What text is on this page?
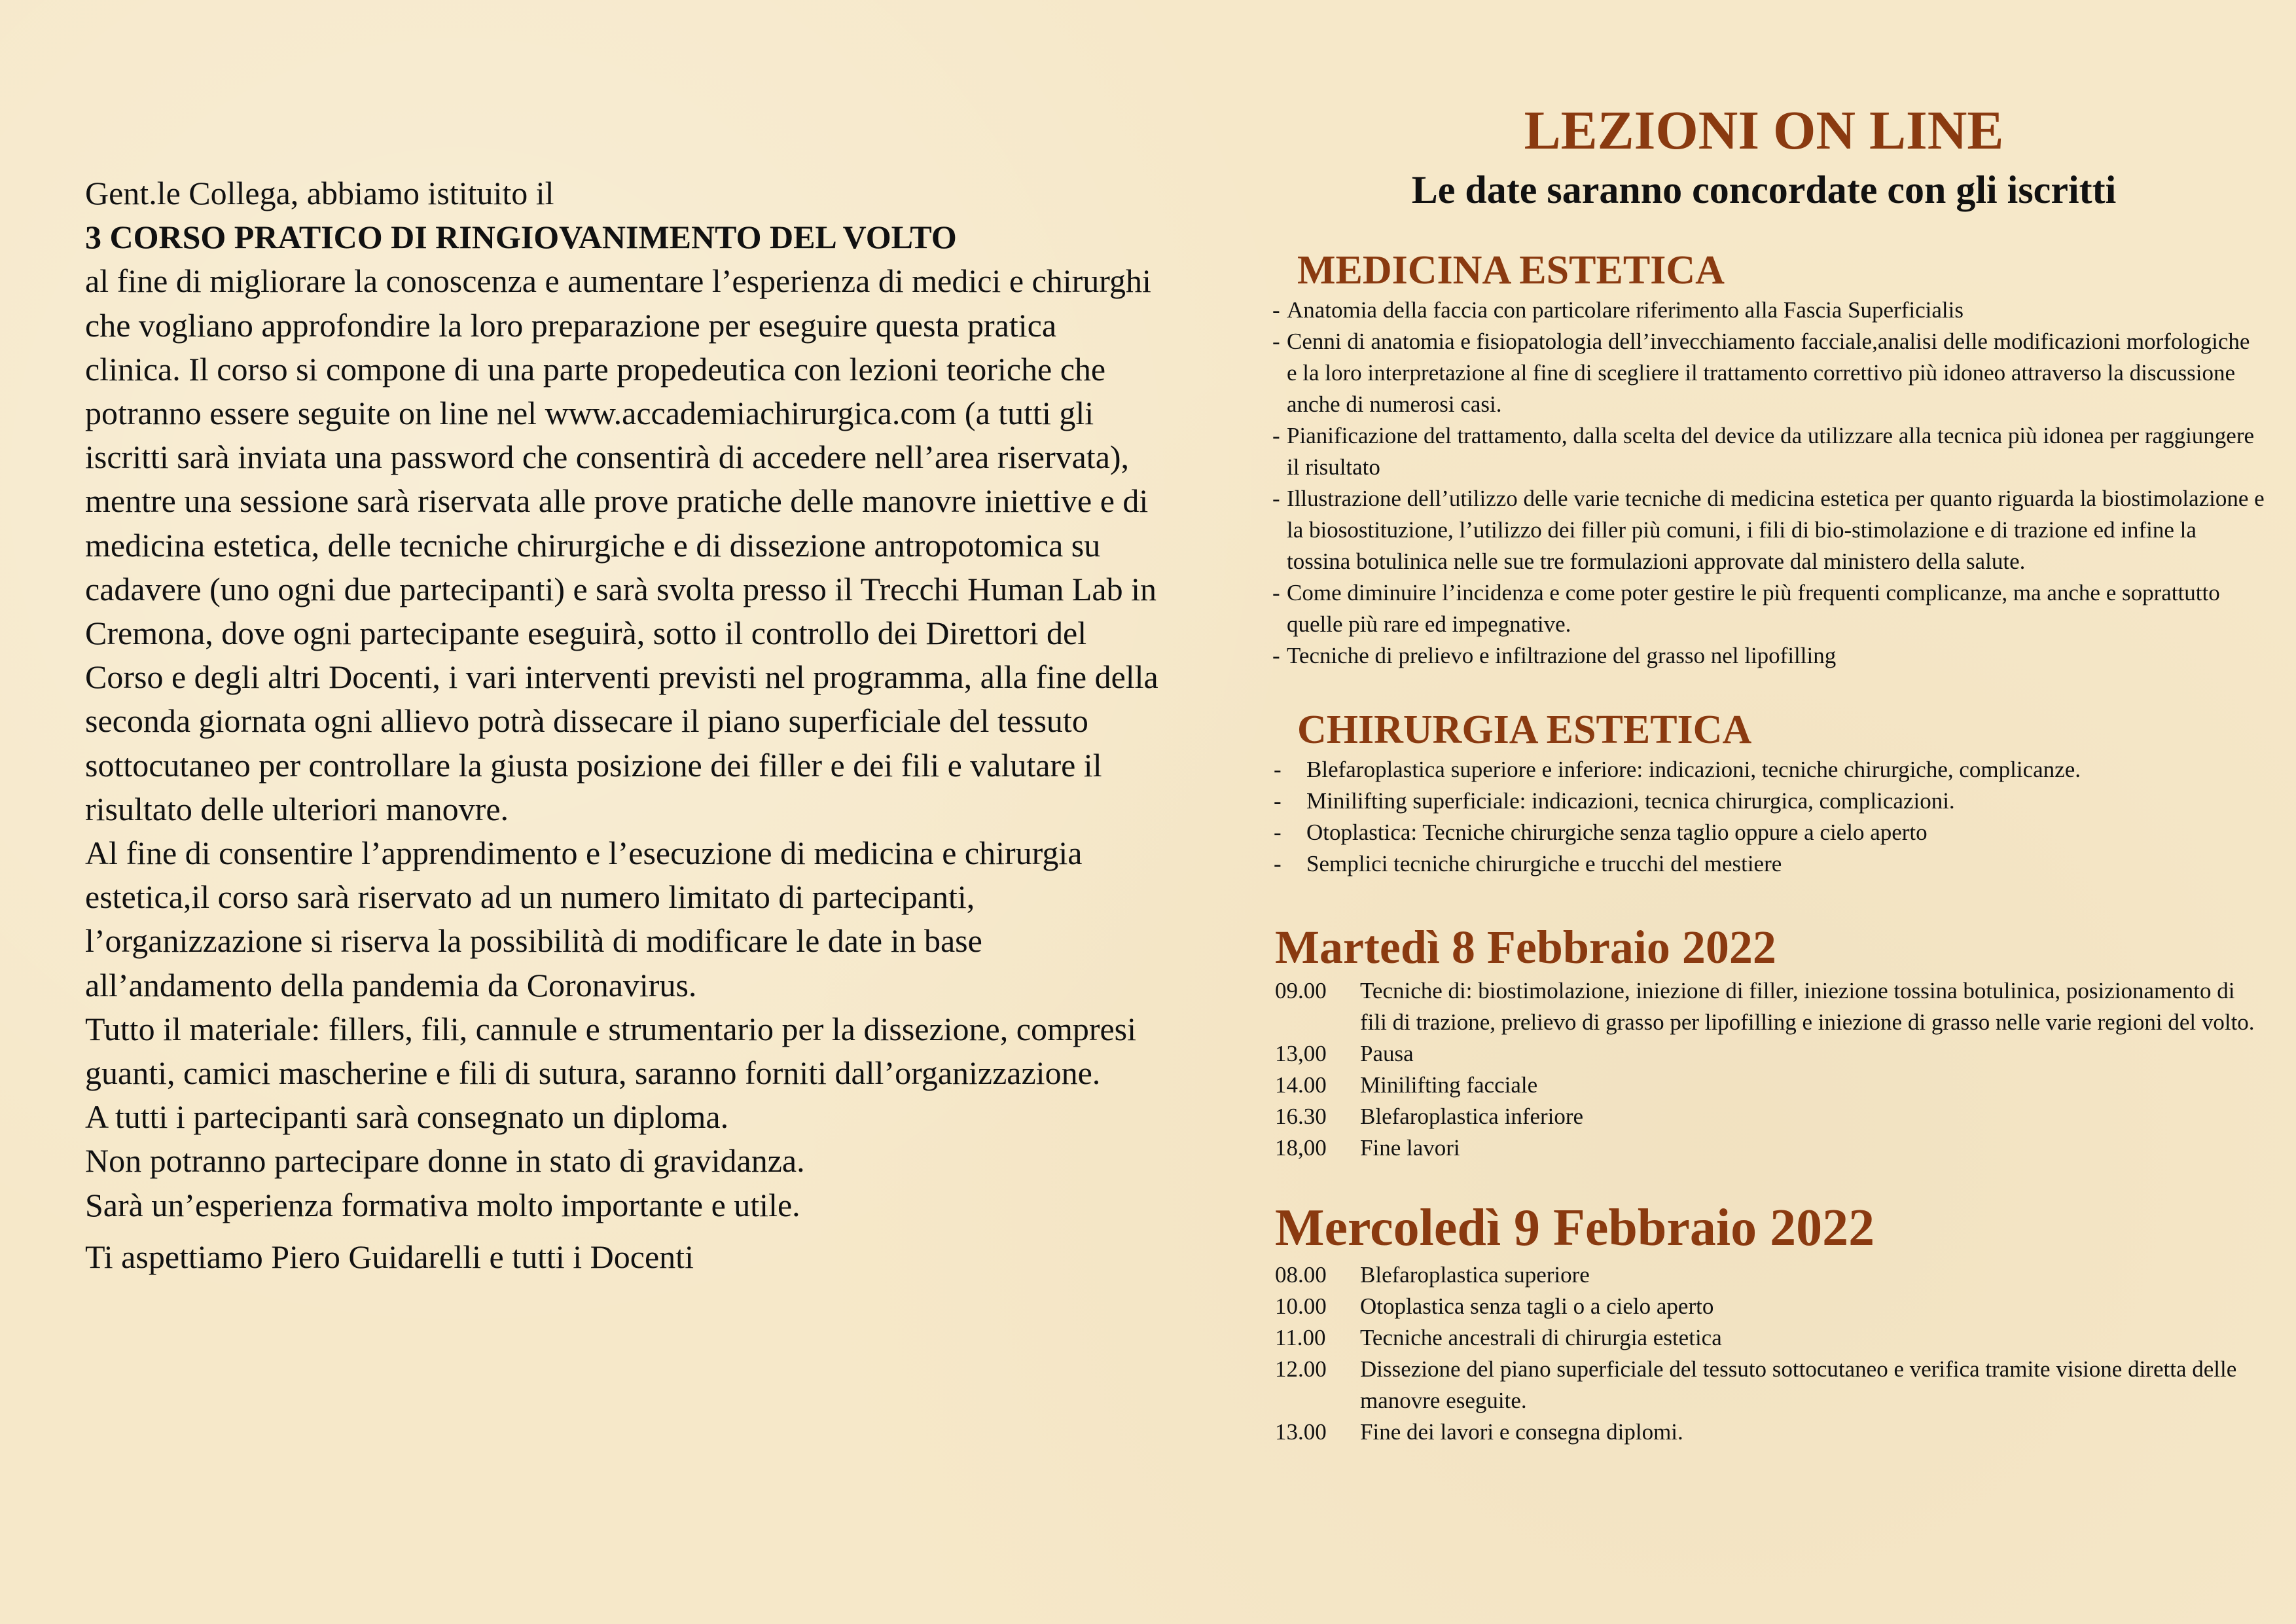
Gent.le Collega, abbiamo istituito il

3 CORSO PRATICO DI RINGIOVANIMENTO DEL VOLTO

al fine di migliorare la conoscenza e aumentare l’esperienza di medici e chirurghi che vogliano approfondire la loro preparazione per eseguire questa pratica clinica. Il corso si compone di una parte propedeutica con lezioni teoriche che potranno essere seguite on line nel www.accademiachirurgica.com (a tutti gli iscritti sarà inviata una password che consentirà di accedere nell’area riservata), mentre una sessione sarà riservata alle prove pratiche delle manovre iniettive e di medicina estetica, delle tecniche chirurgiche e di dissezione antropotomica su cadavere (uno ogni due partecipanti) e sarà svolta presso il Trecchi Human Lab in Cremona, dove ogni partecipante eseguirà, sotto il controllo dei Direttori del Corso e degli altri Docenti, i vari interventi previsti nel programma, alla fine della seconda giornata ogni allievo potrà dissecare il piano superficiale del tessuto sottocutaneo per controllare la giusta posizione dei filler e dei fili e valutare il risultato delle ulteriori manovre.

Al fine di consentire l’apprendimento e l’esecuzione di medicina e chirurgia estetica,il corso sarà riservato ad un numero limitato di partecipanti, l’organizzazione si riserva la possibilità di modificare le date in base all’andamento della pandemia da Coronavirus.

Tutto il materiale: fillers, fili, cannule e strumentario per la dissezione, compresi guanti, camici mascherine e fili di sutura, saranno forniti dall’organizzazione.

A tutti i partecipanti sarà consegnato un diploma.

Non potranno partecipare donne in stato di gravidanza.

Sarà un’esperienza formativa molto importante e utile.

Ti aspettiamo Piero Guidarelli e tutti i Docenti

LEZIONI ON LINE
Le date saranno concordate con gli iscritti
MEDICINA ESTETICA
- Anatomia della faccia con particolare riferimento alla Fascia Superficialis
- Cenni di anatomia e fisiopatologia dell’invecchiamento facciale,analisi delle modificazioni morfologiche e la loro interpretazione al fine di scegliere il trattamento correttivo più idoneo attraverso la discussione anche di numerosi casi.
- Pianificazione del trattamento, dalla scelta del device da utilizzare alla tecnica più idonea per raggiungere il risultato
- Illustrazione dell’utilizzo delle varie tecniche di medicina estetica per quanto riguarda la biostimolazione e la biosostituzione, l’utilizzo dei filler più comuni, i fili di bio-stimolazione e di trazione ed infine la tossina botulinica nelle sue tre formulazioni approvate dal ministero della salute.
- Come diminuire l’incidenza e come poter gestire le più frequenti complicanze, ma anche e soprattutto quelle più rare ed impegnative.
- Tecniche di prelievo e infiltrazione del grasso nel lipofilling
CHIRURGIA ESTETICA
- Blefaroplastica superiore e inferiore: indicazioni, tecniche chirurgiche, complicanze.
- Minilifting superficiale: indicazioni, tecnica chirurgica, complicazioni.
- Otoplastica: Tecniche chirurgiche senza taglio oppure a cielo aperto
- Semplici tecniche chirurgiche e trucchi del mestiere
Martedì 8 Febbraio 2022
09.00	Tecniche di: biostimolazione, iniezione di filler, iniezione tossina botulinica, posizionamento di fili di trazione, prelievo di grasso per lipofilling e iniezione di grasso nelle varie regioni del volto.
13,00	Pausa
14.00	Minilifting facciale
16.30	Blefaroplastica inferiore
18,00	Fine lavori
Mercoledì 9 Febbraio 2022
08.00	Blefaroplastica superiore
10.00	Otoplastica senza tagli o a cielo aperto
11.00	Tecniche ancestrali di chirurgia estetica
12.00	Dissezione del piano superficiale del tessuto sottocutaneo e verifica tramite visione diretta delle manovre eseguite.
13.00	Fine dei lavori e consegna diplomi.
